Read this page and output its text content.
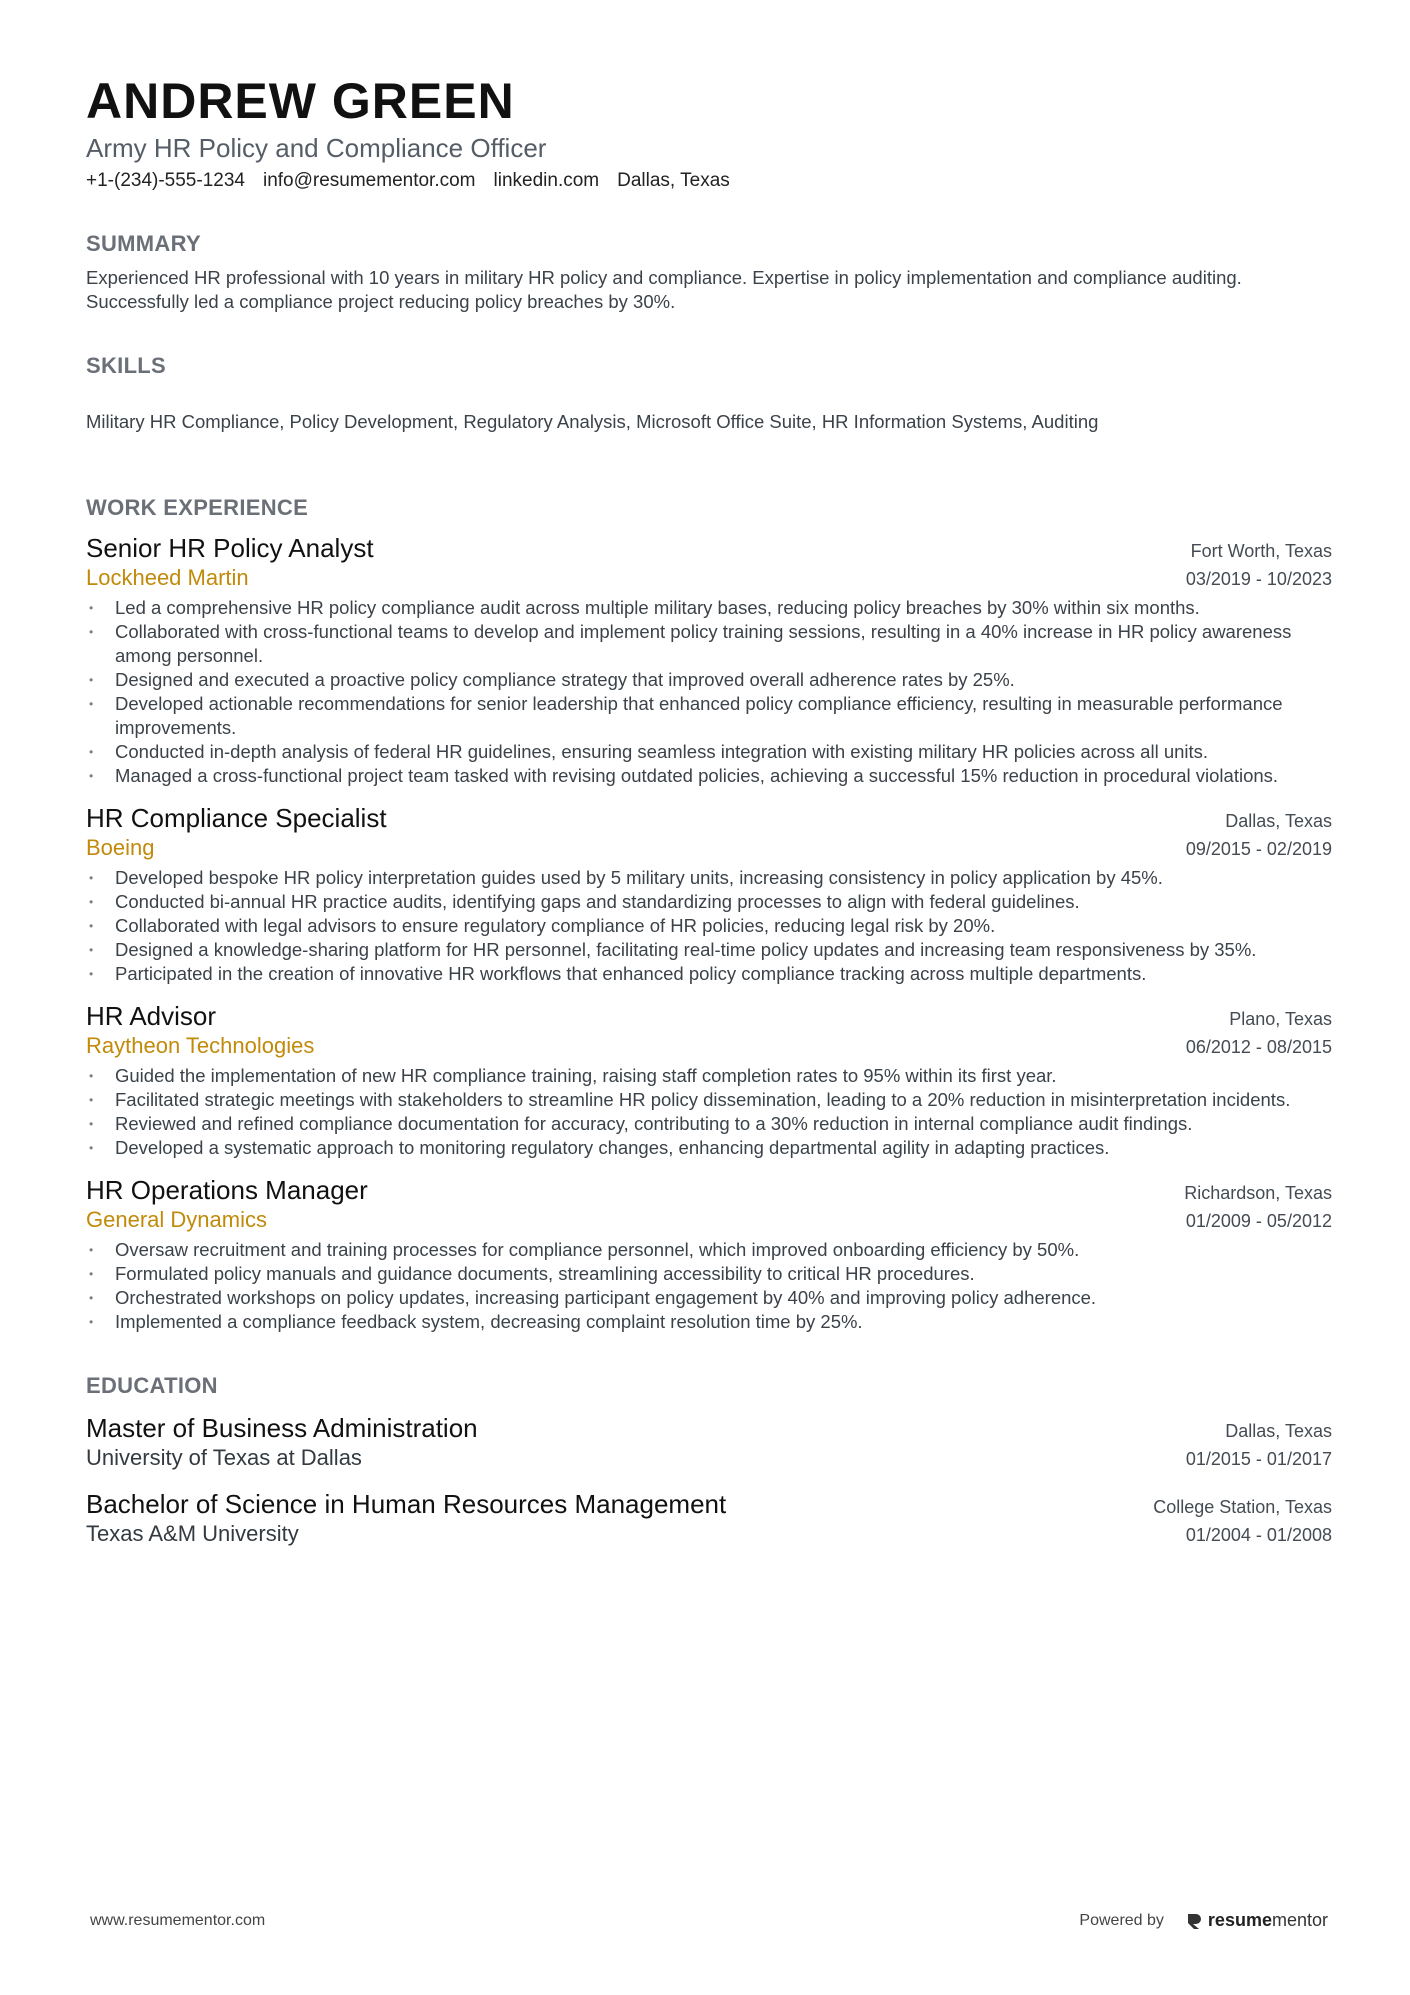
ANDREW GREEN
Army HR Policy and Compliance Officer
+1-(234)-555-1234 info@resumementor.com linkedin.com Dallas, Texas
SUMMARY

Experienced HR professional with 10 years in military HR policy and compliance. Expertise in policy implementation and compliance auditing. Successfully led a compliance project reducing policy breaches by 30%.

SKILLS

Military HR Compliance, Policy Development, Regulatory Analysis, Microsoft Office Suite, HR Information Systems, Auditing

WORK EXPERIENCE
Senior HR Policy Analyst	Fort Worth, Texas
Lockheed Martin	03/2019 - 10/2023
• Led a comprehensive HR policy compliance audit across multiple military bases, reducing policy breaches by 30% within six months.
• Collaborated with cross-functional teams to develop and implement policy training sessions, resulting in a 40% increase in HR policy awareness among personnel.
• Designed and executed a proactive policy compliance strategy that improved overall adherence rates by 25%.
• Developed actionable recommendations for senior leadership that enhanced policy compliance efficiency, resulting in measurable performance improvements.
• Conducted in-depth analysis of federal HR guidelines, ensuring seamless integration with existing military HR policies across all units.
• Managed a cross-functional project team tasked with revising outdated policies, achieving a successful 15% reduction in procedural violations.
HR Compliance Specialist	Dallas, Texas
Boeing	09/2015 - 02/2019
• Developed bespoke HR policy interpretation guides used by 5 military units, increasing consistency in policy application by 45%.
• Conducted bi-annual HR practice audits, identifying gaps and standardizing processes to align with federal guidelines.
• Collaborated with legal advisors to ensure regulatory compliance of HR policies, reducing legal risk by 20%.
• Designed a knowledge-sharing platform for HR personnel, facilitating real-time policy updates and increasing team responsiveness by 35%.
• Participated in the creation of innovative HR workflows that enhanced policy compliance tracking across multiple departments.
HR Advisor	Plano, Texas
Raytheon Technologies	06/2012 - 08/2015
• Guided the implementation of new HR compliance training, raising staff completion rates to 95% within its first year.
• Facilitated strategic meetings with stakeholders to streamline HR policy dissemination, leading to a 20% reduction in misinterpretation incidents.
• Reviewed and refined compliance documentation for accuracy, contributing to a 30% reduction in internal compliance audit findings.
• Developed a systematic approach to monitoring regulatory changes, enhancing departmental agility in adapting practices.
HR Operations Manager	Richardson, Texas
General Dynamics	01/2009 - 05/2012
• Oversaw recruitment and training processes for compliance personnel, which improved onboarding efficiency by 50%.
• Formulated policy manuals and guidance documents, streamlining accessibility to critical HR procedures.
• Orchestrated workshops on policy updates, increasing participant engagement by 40% and improving policy adherence.
• Implemented a compliance feedback system, decreasing complaint resolution time by 25%.
EDUCATION
Master of Business Administration	Dallas, Texas
University of Texas at Dallas	01/2015 - 01/2017
Bachelor of Science in Human Resources Management	College Station, Texas
Texas A&M University	01/2004 - 01/2008
www.resumementor.com	Powered by resumementor
